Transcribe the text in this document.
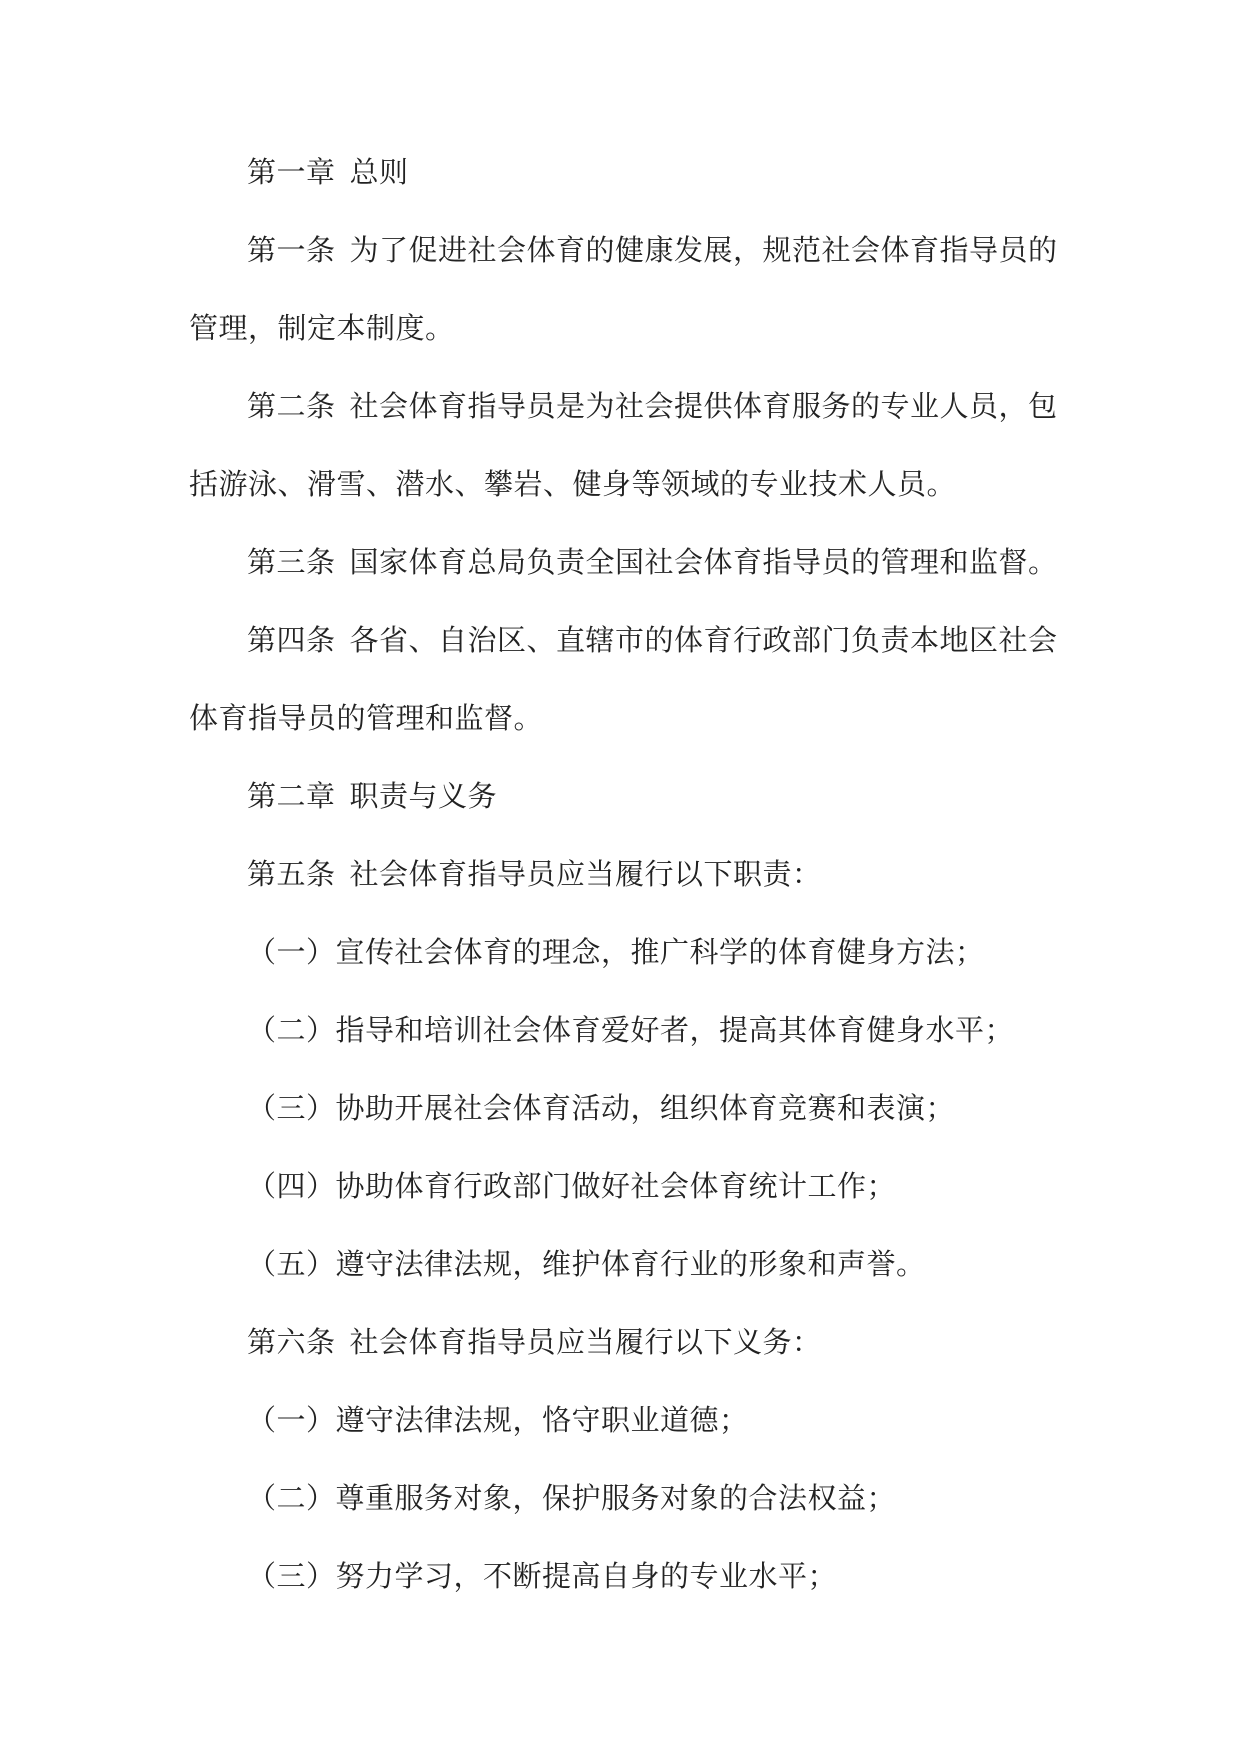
第一章 总则
第一条 为了促进社会体育的健康发展，规范社会体育指导员的
管理，制定本制度。
第二条 社会体育指导员是为社会提供体育服务的专业人员，包
括游泳、滑雪、潜水、攀岩、健身等领域的专业技术人员。
第三条 国家体育总局负责全国社会体育指导员的管理和监督。
第四条 各省、自治区、直辖市的体育行政部门负责本地区社会
体育指导员的管理和监督。
第二章 职责与义务
第五条 社会体育指导员应当履行以下职责：
（一）宣传社会体育的理念，推广科学的体育健身方法；
（二）指导和培训社会体育爱好者，提高其体育健身水平；
（三）协助开展社会体育活动，组织体育竞赛和表演；
（四）协助体育行政部门做好社会体育统计工作；
（五）遵守法律法规，维护体育行业的形象和声誉。
第六条 社会体育指导员应当履行以下义务：
（一）遵守法律法规，恪守职业道德；
（二）尊重服务对象，保护服务对象的合法权益；
（三）努力学习，不断提高自身的专业水平；
